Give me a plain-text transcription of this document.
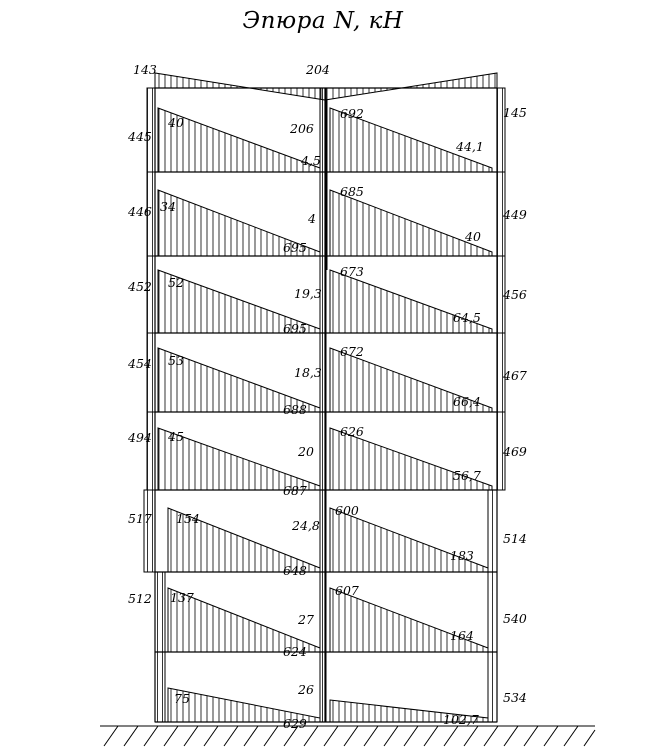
Эпюра N, кН
143
445
446
452
454
494
517
512
40
34
52
53
45
154
137
75
206
4,5
4
695
19,3
695
18,3
688
20
687
24,8
648
27
624
26
629
204
692
685
673
672
626
600
607
44,1
40
64,5
66,4
56,7
183
164
102,7
145
449
456
467
469
514
540
534
